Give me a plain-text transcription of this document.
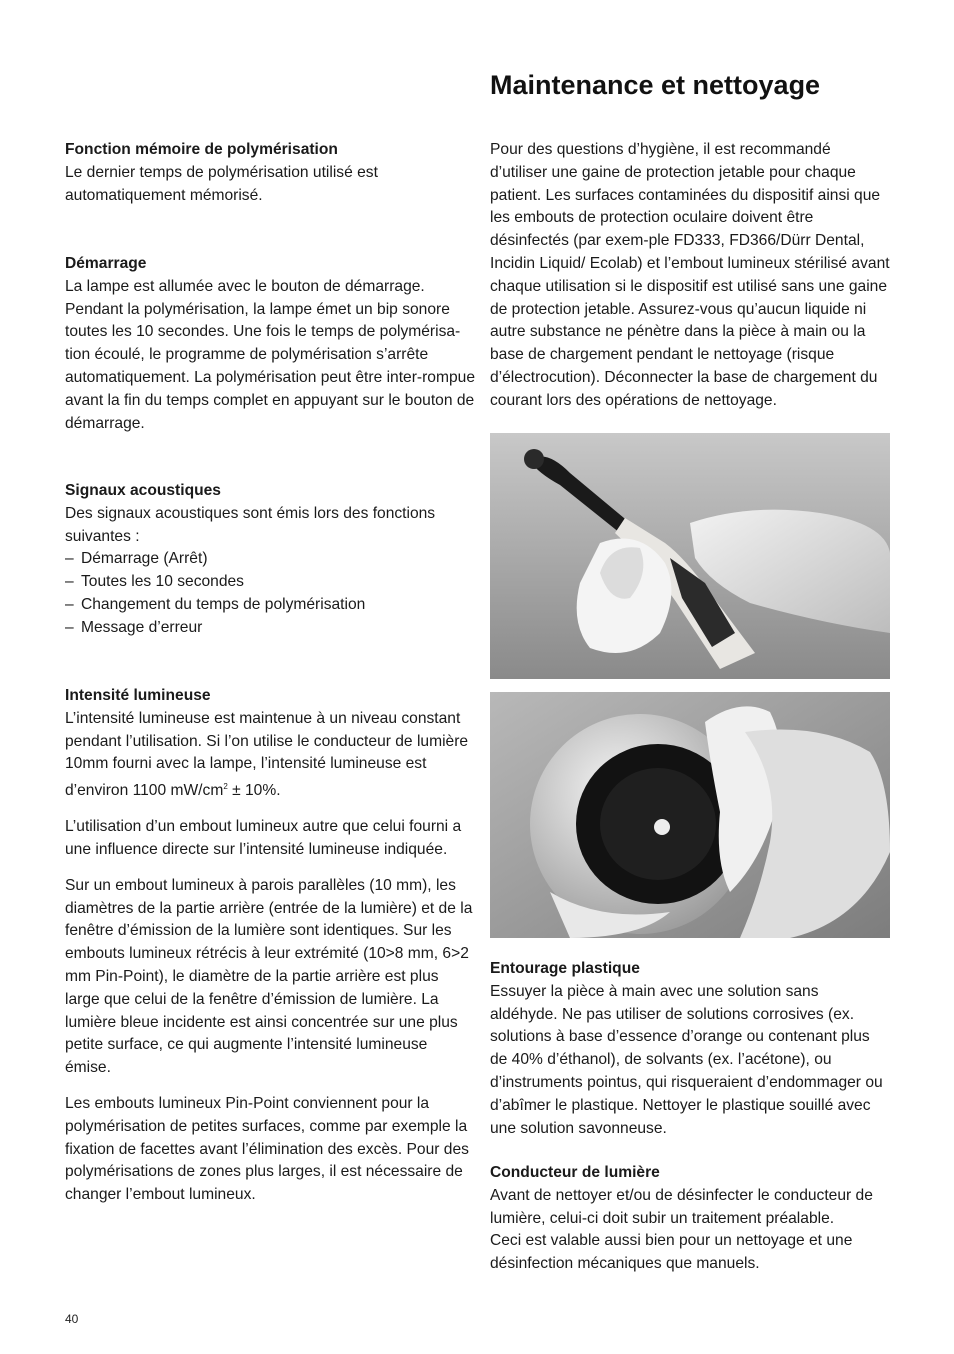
Maintenance et nettoyage

Fonction mémoire de polymérisation

Le dernier temps de polymérisation utilisé est automatiquement mémorisé.

Démarrage

La lampe est allumée avec le bouton de démarrage. Pendant la polymérisation, la lampe émet un bip sonore toutes les 10 secondes. Une fois le temps de polymérisa-tion écoulé, le programme de polymérisation s’arrête automatiquement. La polymérisation peut être inter-rompue avant la fin du temps complet en appuyant sur le bouton de démarrage.

Signaux acoustiques

Des signaux acoustiques sont émis lors des fonctions suivantes :

– Démarrage (Arrêt)
– Toutes les 10 secondes
– Changement du temps de polymérisation
– Message d’erreur

Intensité lumineuse

L’intensité lumineuse est maintenue à un niveau constant pendant l’utilisation. Si l’on utilise le conducteur de lumière 10mm fourni avec la lampe, l’intensité lumineuse est d’environ 1100 $mW/cm^2 \pm 10\%$.

L’utilisation d’un embout lumineux autre que celui fourni a une influence directe sur l’intensité lumineuse indiquée.

Sur un embout lumineux à parois parallèles (10 mm), les diamètres de la partie arrière (entrée de la lumière) et de la fenêtre d’émission de la lumière sont identiques. Sur les embouts lumineux rétrécis à leur extrémité (10>8 mm, 6>2 mm Pin-Point), le diamètre de la partie arrière est plus large que celui de la fenêtre d’émission de lumière. La lumière bleue incidente est ainsi concentrée sur une plus petite surface, ce qui augmente l’intensité lumineuse émise.

Les embouts lumineux Pin-Point conviennent pour la polymérisation de petites surfaces, comme par exemple la fixation de facettes avant l’élimination des excès. Pour des polymérisations de zones plus larges, il est nécessaire de changer l’embout lumineux.

Pour des questions d’hygiène, il est recommandé d’utiliser une gaine de protection jetable pour chaque patient. Les surfaces contaminées du dispositif ainsi que les embouts de protection oculaire doivent être désinfectés (par exem-ple FD333, FD366/Dürr Dental, Incidin Liquid/ Ecolab) et l’embout lumineux stérilisé avant chaque utilisation si le dispositif est utilisé sans une gaine de protection jetable. Assurez-vous qu’aucun liquide ni autre substance ne pénètre dans la pièce à main ou la base de chargement pendant le nettoyage (risque d’électrocution). Déconnecter la base de chargement du courant lors des opérations de nettoyage.

Entourage plastique

Essuyer la pièce à main avec une solution sans aldéhyde. Ne pas utiliser de solutions corrosives (ex. solutions à base d’essence d’orange ou contenant plus de 40% d’éthanol), de solvants (ex. l’acétone), ou d’instruments pointus, qui risqueraient d’endommager ou d’abîmer le plastique. Nettoyer le plastique souillé avec une solution savonneuse.

Conducteur de lumière

Avant de nettoyer et/ou de désinfecter le conducteur de lumière, celui-ci doit subir un traitement préalable.

Ceci est valable aussi bien pour un nettoyage et une désinfection mécaniques que manuels.

40
